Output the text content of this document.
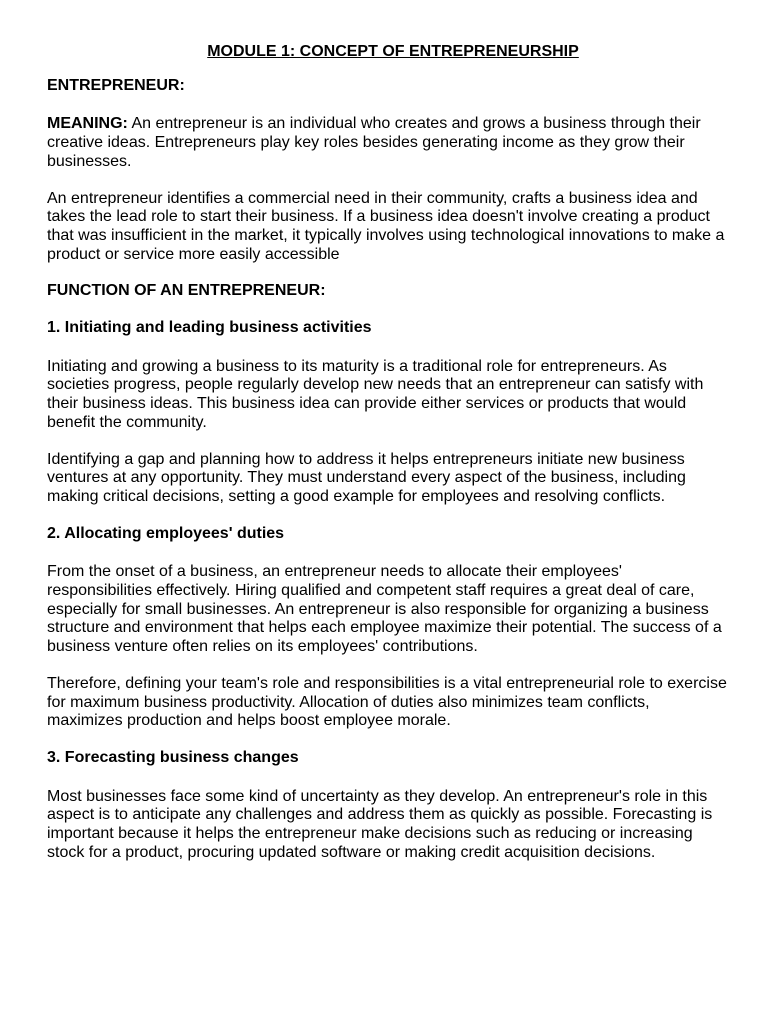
MODULE 1: CONCEPT OF ENTREPRENEURSHIP
ENTREPRENEUR:

MEANING: An entrepreneur is an individual who creates and grows a business through their creative ideas. Entrepreneurs play key roles besides generating income as they grow their businesses.

An entrepreneur identifies a commercial need in their community, crafts a business idea and takes the lead role to start their business. If a business idea doesn't involve creating a product that was insufficient in the market, it typically involves using technological innovations to make a product or service more easily accessible

FUNCTION OF AN ENTREPRENEUR:
1. Initiating and leading business activities

Initiating and growing a business to its maturity is a traditional role for entrepreneurs. As societies progress, people regularly develop new needs that an entrepreneur can satisfy with their business ideas. This business idea can provide either services or products that would benefit the community.

Identifying a gap and planning how to address it helps entrepreneurs initiate new business ventures at any opportunity. They must understand every aspect of the business, including making critical decisions, setting a good example for employees and resolving conflicts.

2. Allocating employees' duties

From the onset of a business, an entrepreneur needs to allocate their employees' responsibilities effectively. Hiring qualified and competent staff requires a great deal of care, especially for small businesses. An entrepreneur is also responsible for organizing a business structure and environment that helps each employee maximize their potential. The success of a business venture often relies on its employees' contributions.

Therefore, defining your team's role and responsibilities is a vital entrepreneurial role to exercise for maximum business productivity. Allocation of duties also minimizes team conflicts, maximizes production and helps boost employee morale.

3. Forecasting business changes

Most businesses face some kind of uncertainty as they develop. An entrepreneur's role in this aspect is to anticipate any challenges and address them as quickly as possible. Forecasting is important because it helps the entrepreneur make decisions such as reducing or increasing stock for a product, procuring updated software or making credit acquisition decisions.
